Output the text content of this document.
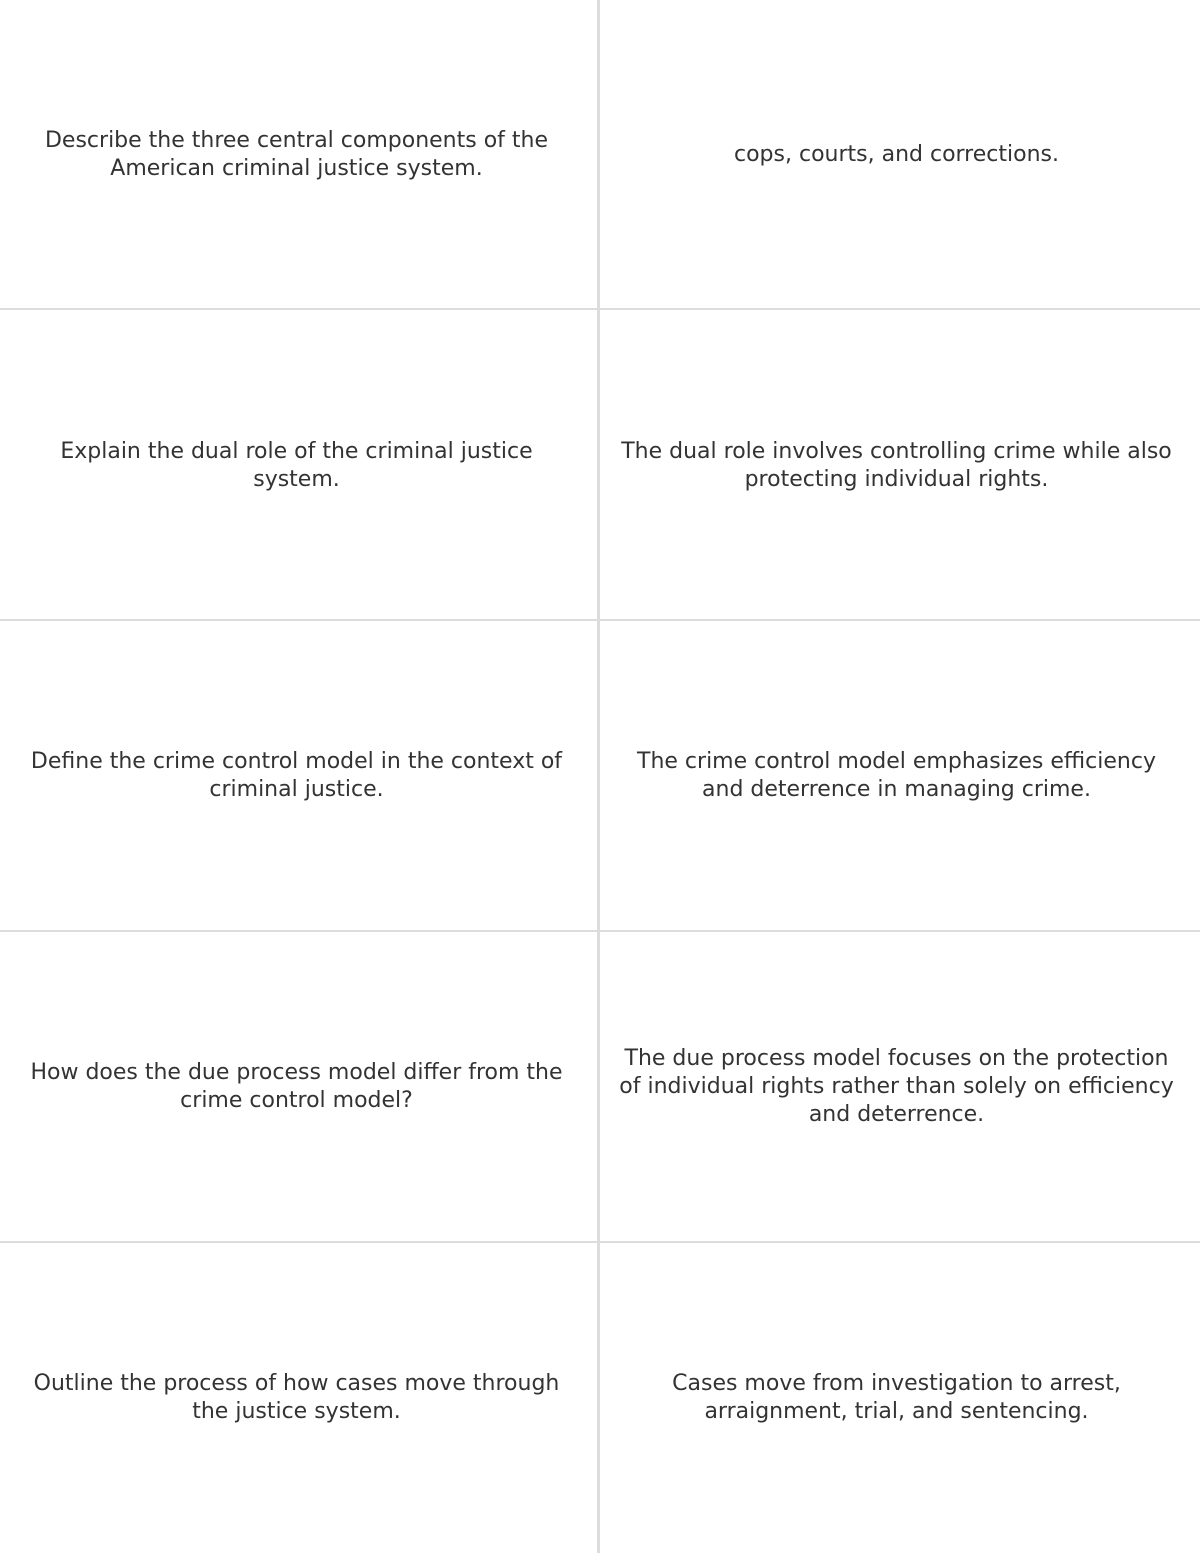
Describe the three central components of the American criminal justice system.
cops, courts, and corrections.
Explain the dual role of the criminal justice system.
The dual role involves controlling crime while also protecting individual rights.
Define the crime control model in the context of criminal justice.
The crime control model emphasizes efficiency and deterrence in managing crime.
How does the due process model differ from the crime control model?
The due process model focuses on the protection of individual rights rather than solely on efficiency and deterrence.
Outline the process of how cases move through the justice system.
Cases move from investigation to arrest, arraignment, trial, and sentencing.
